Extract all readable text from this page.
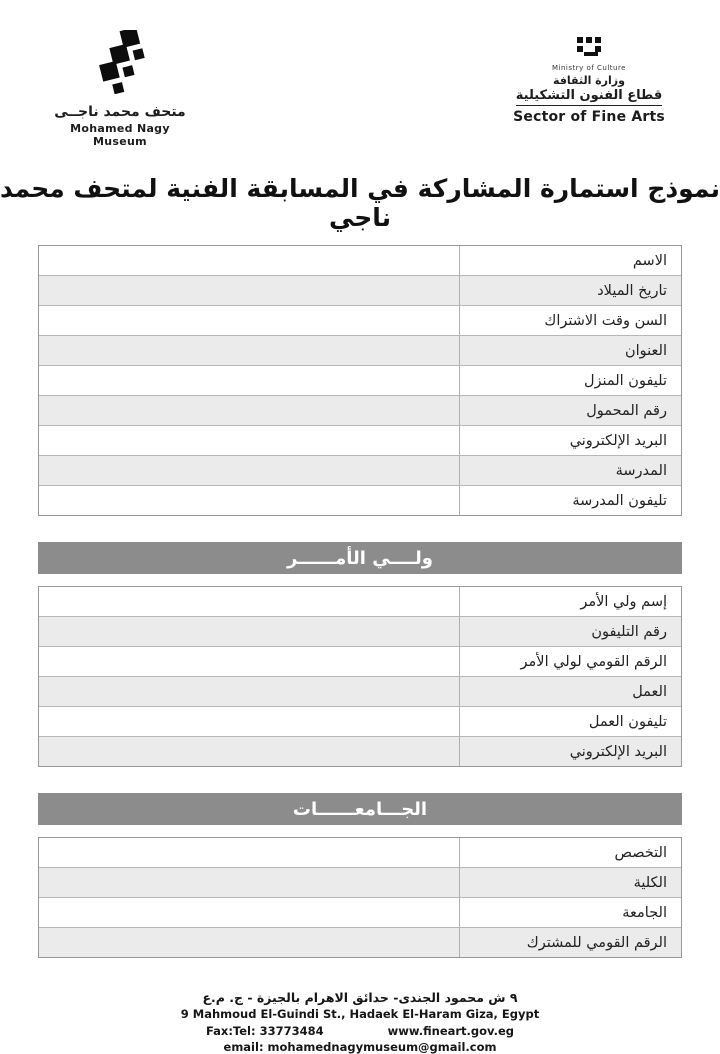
متحف محمد ناجــى
Mohamed Nagy Museum
Ministry of Culture
وزارة الثقافة
قطاع الفنون التشكيلية
Sector of Fine Arts
نموذج استمارة المشاركة في المسابقة الفنية لمتحف محمد ناجي
الاسم
تاريخ الميلاد
السن وقت الاشتراك
العنوان
تليفون المنزل
رقم المحمول
البريد الإلكتروني
المدرسة
تليفون المدرسة
ولــــي الأمــــــر
إسم ولي الأمر
رقم التليفون
الرقم القومي لولي الأمر
العمل
تليفون العمل
البريد الإلكتروني
الجـــامعــــــات
التخصص
الكلية
الجامعة
الرقم القومي للمشترك
٩ ش محمود الجندى- حدائق الاهرام بالجيزة - ج. م.ع
9 Mahmoud El-Guindi St., Hadaek El-Haram Giza, Egypt
Fax:Tel: 33773484	www.fineart.gov.eg
email: mohamednagymuseum@gmail.com
